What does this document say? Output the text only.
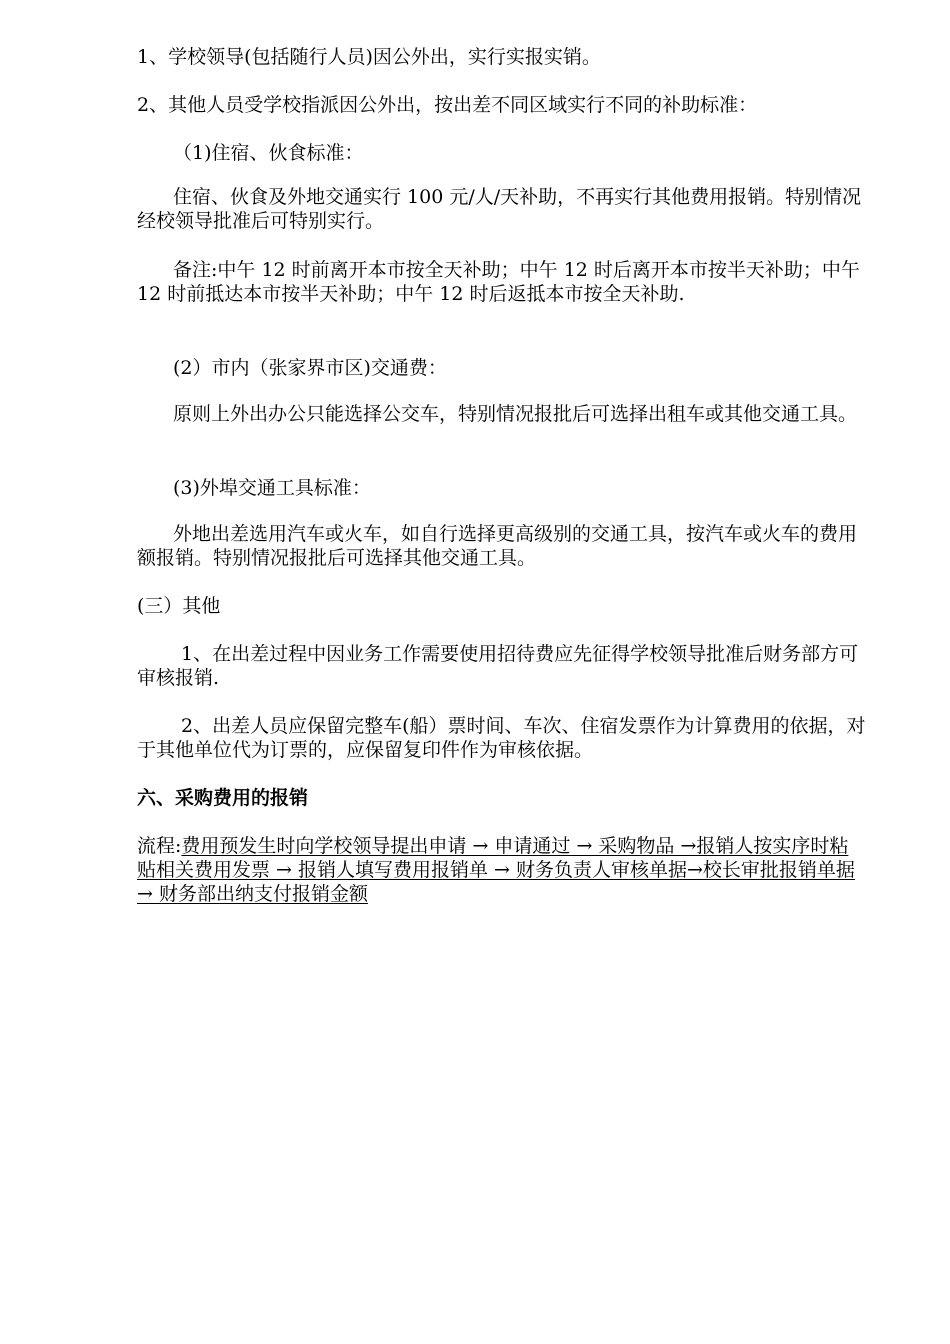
1、学校领导(包括随行人员)因公外出，实行实报实销。

2、其他人员受学校指派因公外出，按出差不同区域实行不同的补助标准：

（1)住宿、伙食标准：

住宿、伙食及外地交通实行 100 元/人/天补助，不再实行其他费用报销。特别情况经校领导批准后可特别实行。

备注:中午 12 时前离开本市按全天补助；中午 12 时后离开本市按半天补助；中午 12 时前抵达本市按半天补助；中午 12 时后返抵本市按全天补助.

(2）市内（张家界市区)交通费：

原则上外出办公只能选择公交车，特别情况报批后可选择出租车或其他交通工具。

(3)外埠交通工具标准：

外地出差选用汽车或火车，如自行选择更高级别的交通工具，按汽车或火车的费用额报销。特别情况报批后可选择其他交通工具。

(三）其他

1、在出差过程中因业务工作需要使用招待费应先征得学校领导批准后财务部方可审核报销.

2、出差人员应保留完整车(船）票时间、车次、住宿发票作为计算费用的依据，对于其他单位代为订票的，应保留复印件作为审核依据。

六、采购费用的报销

流程:费用预发生时向学校领导提出申请 → 申请通过 → 采购物品 →报销人按实序时粘贴相关费用发票 → 报销人填写费用报销单 → 财务负责人审核单据→校长审批报销单据 → 财务部出纳支付报销金额
